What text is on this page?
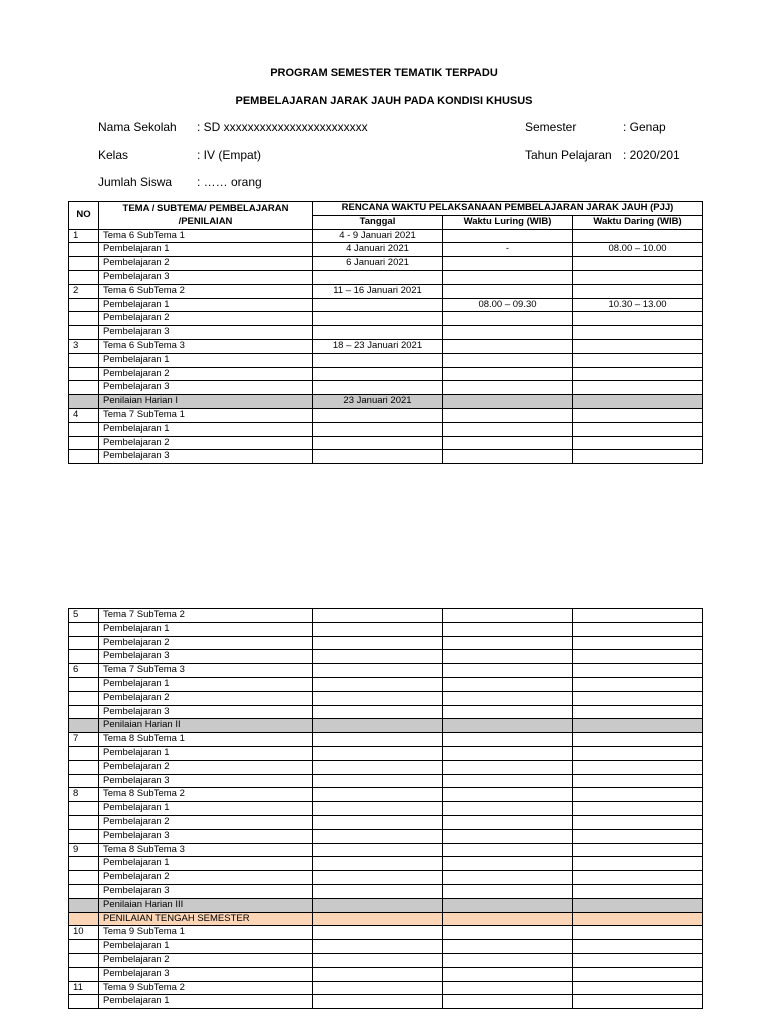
PROGRAM SEMESTER TEMATIK TERPADU
PEMBELAJARAN JARAK JAUH PADA KONDISI KHUSUS
Nama Sekolah : SD xxxxxxxxxxxxxxxxxxxxxxxx	Semester	: Genap
Kelas	: IV (Empat)	Tahun Pelajaran : 2020/201
Jumlah Siswa : …… orang
NO	TEMA / SUBTEMA/ PEMBELAJARAN
/PENILAIAN	RENCANA WAKTU PELAKSANAAN PEMBELAJARAN JARAK JAUH (PJJ)		
		Tanggal	Waktu Luring (WIB)	Waktu Daring (WIB)
1	Tema 6 SubTema 1	4 - 9 Januari 2021		
	Pembelajaran 1	4 Januari 2021	-	08.00 – 10.00
	Pembelajaran 2	6 Januari 2021		
	Pembelajaran 3			
2	Tema 6 SubTema 2	11 – 16 Januari 2021		
	Pembelajaran 1		08.00 – 09.30	10.30 – 13.00
	Pembelajaran 2			
	Pembelajaran 3			
3	Tema 6 SubTema 3	18 – 23 Januari 2021		
	Pembelajaran 1			
	Pembelajaran 2			
	Pembelajaran 3			
	Penilaian Harian I	23 Januari 2021		
4	Tema 7 SubTema 1			
	Pembelajaran 1			
	Pembelajaran 2			
	Pembelajaran 3			
5	Tema 7 SubTema 2			
	Pembelajaran 1			
	Pembelajaran 2			
	Pembelajaran 3			
6	Tema 7 SubTema 3			
	Pembelajaran 1			
	Pembelajaran 2			
	Pembelajaran 3			
	Penilaian Harian II			
7	Tema 8 SubTema 1			
	Pembelajaran 1			
	Pembelajaran 2			
	Pembelajaran 3			
8	Tema 8 SubTema 2			
	Pembelajaran 1			
	Pembelajaran 2			
	Pembelajaran 3			
9	Tema 8 SubTema 3			
	Pembelajaran 1			
	Pembelajaran 2			
	Pembelajaran 3			
	Penilaian Harian III			
	PENILAIAN TENGAH SEMESTER			
10	Tema 9 SubTema 1			
	Pembelajaran 1			
	Pembelajaran 2			
	Pembelajaran 3			
11	Tema 9 SubTema 2			
	Pembelajaran 1			
